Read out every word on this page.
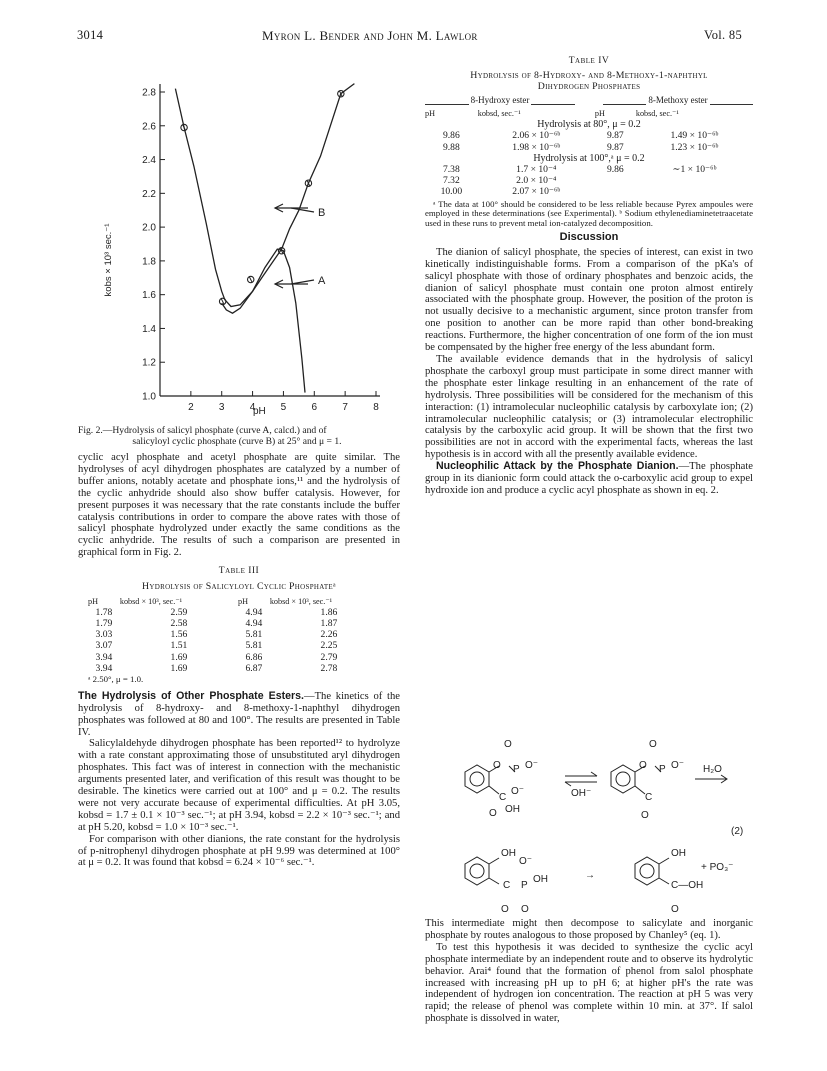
3014	Myron L. Bender and John M. Lawlor	Vol. 85
1.0
1.2
1.4
1.6
1.8
2.0
2.2
2.4
2.6
2.8
2	3	4	5	6	7	8
B
A
pH
kobs × 10³ sec.⁻¹
Fig. 2.—Hydrolysis of salicyl phosphate (curve A, calcd.) and of
salicyloyl cyclic phosphate (curve B) at 25° and μ = 1.

cyclic acyl phosphate and acetyl phosphate are quite similar. The hydrolyses of acyl dihydrogen phosphates are catalyzed by a number of buffer anions, notably acetate and phosphate ions,¹¹ and the hydrolysis of the cyclic anhydride should also show buffer catalysis. However, for present purposes it was necessary that the rate constants include the buffer catalysis contributions in order to compare the above rates with those of salicyl phosphate hydrolyzed under exactly the same conditions as the cyclic anhydride. The results of such a comparison are presented in graphical form in Fig. 2.

Table III
Hydrolysis of Salicyloyl Cyclic Phosphateᵃ
pH	kobsd × 10³, sec.⁻¹	pH	kobsd × 10³, sec.⁻¹
1.78	2.59	4.94	1.86
1.79	2.58	4.94	1.87
3.03	1.56	5.81	2.26
3.07	1.51	5.81	2.25
3.94	1.69	6.86	2.79
3.94	1.69	6.87	2.78
ᵃ 2.50°, μ = 1.0.

The Hydrolysis of Other Phosphate Esters.—The kinetics of the hydrolysis of 8-hydroxy- and 8-methoxy-1-naphthyl dihydrogen phosphates was followed at 80 and 100°. The results are presented in Table IV.

Salicylaldehyde dihydrogen phosphate has been reported¹² to hydrolyze with a rate constant approximating those of unsubstituted aryl dihydrogen phosphates. This fact was of interest in connection with the mechanistic arguments presented later, and verification of this result was thought to be desirable. The kinetics were carried out at 100° and μ = 0.2. The results were not very accurate because of experimental difficulties. At pH 3.05, kobsd = 1.7 ± 0.1 × 10⁻³ sec.⁻¹; at pH 3.94, kobsd = 2.2 × 10⁻³ sec.⁻¹; and at pH 5.20, kobsd = 1.0 × 10⁻³ sec.⁻¹.

For comparison with other dianions, the rate constant for the hydrolysis of p-nitrophenyl dihydrogen phosphate at pH 9.99 was determined at 100° at μ = 0.2. It was found that kobsd = 6.24 × 10⁻⁶ sec.⁻¹.

Table IV
Hydrolysis of 8-Hydroxy- and 8-Methoxy-1-naphthyl
Dihydrogen Phosphates
8-Hydroxy ester	8-Methoxy ester
pH	kobsd, sec.⁻¹	pH	kobsd, sec.⁻¹
Hydrolysis at 80°, μ = 0.2			
9.86	2.06 × 10⁻⁶ᵇ	9.87	1.49 × 10⁻⁶ᵇ
9.88	1.98 × 10⁻⁶ᵇ	9.87	1.23 × 10⁻⁶ᵇ
Hydrolysis at 100°,ᵃ μ = 0.2			
7.38	1.7 × 10⁻⁴	9.86	∼1 × 10⁻⁶ᵇ
7.32	2.0 × 10⁻⁴		
10.00	2.07 × 10⁻⁶ᵇ		
ᵃ The data at 100° should be considered to be less reliable because Pyrex ampoules were employed in these determinations (see Experimental). ᵇ Sodium ethylenediaminetetraacetate used in these runs to prevent metal ion-catalyzed decomposition.
Discussion

The dianion of salicyl phosphate, the species of interest, can exist in two kinetically indistinguishable forms. From a comparison of the pKa's of salicyl phosphate with those of ordinary phosphates and benzoic acids, the dianion of salicyl phosphate must contain one proton almost entirely associated with the phosphate group. However, the position of the proton is not usually decisive to a mechanistic argument, since proton transfer from one position to another can be more rapid than other bond-breaking reactions. Furthermore, the higher concentration of one form of the ion must be compensated by the higher free energy of the less abundant form.

The available evidence demands that in the hydrolysis of salicyl phosphate the carboxyl group must participate in some direct manner with the phosphate ester linkage resulting in an enhancement of the rate of hydrolysis. Three possibilities will be considered for the mechanism of this interaction: (1) intramolecular nucleophilic catalysis by carboxylate ion; (2) intramolecular nucleophilic catalysis; or (3) intramolecular electrophilic catalysis by the carboxylic acid group. It will be shown that the first two possibilities are not in accord with the experimental facts, whereas the last hypothesis is in accord with all the presently available evidence.

Nucleophilic Attack by the Phosphate Dianion.—The phosphate group in its dianionic form could attack the o-carboxylic acid group to expel hydroxide ion and produce a cyclic acyl phosphate as shown in eq. 2.

O
O P O⁻
C
O⁻
O OH
OH⁻
O
O P O⁻
C
O
H₂O
(2)
OH
O⁻
C P
OH
O O
→
OH
C—OH
O
+ PO₃⁻

This intermediate might then decompose to salicylate and inorganic phosphate by routes analogous to those proposed by Chanley⁵ (eq. 1).

To test this hypothesis it was decided to synthesize the cyclic acyl phosphate intermediate by an independent route and to observe its hydrolytic behavior. Arai⁴ found that the formation of phenol from salol phosphate increased with increasing pH up to pH 6; at higher pH's the rate was independent of hydrogen ion concentration. The reaction at pH 5 was very rapid; the release of phenol was complete within 10 min. at 37°. If salol phosphate is dissolved in water,
